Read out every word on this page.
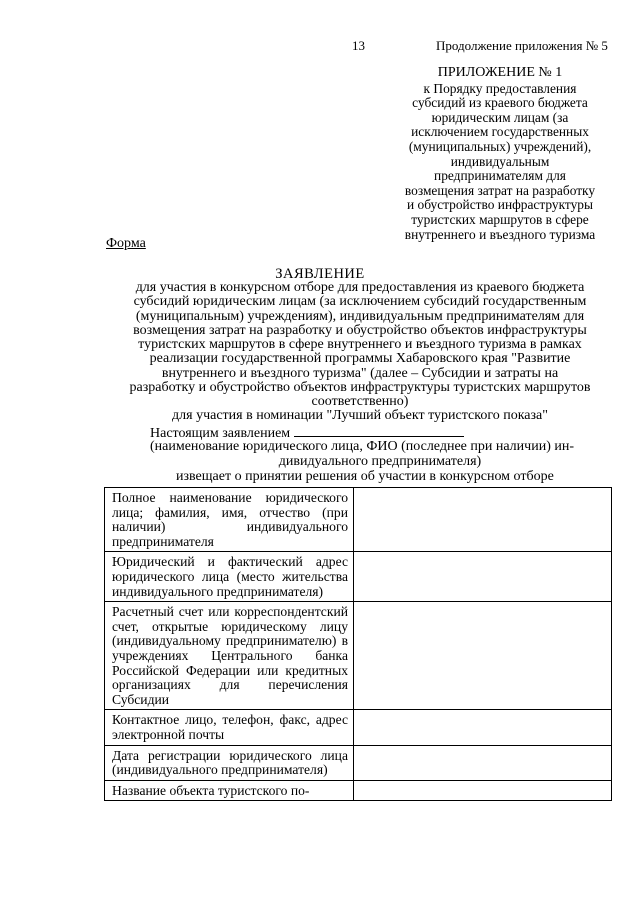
13	Продолжение приложения № 5
ПРИЛОЖЕНИЕ № 1
к Порядку предоставления
субсидий из краевого бюджета
юридическим лицам (за
исключением государственных
(муниципальных) учреждений),
индивидуальным
предпринимателям для
возмещения затрат на разработку
и обустройство инфраструктуры
туристских маршрутов в сфере
внутреннего и въездного туризма
Форма
ЗАЯВЛЕНИЕ
для участия в конкурсном отборе для предоставления из краевого бюджета
субсидий юридическим лицам (за исключением субсидий государственным
(муниципальным) учреждениям), индивидуальным предпринимателям для
возмещения затрат на разработку и обустройство объектов инфраструктуры
туристских маршрутов в сфере внутреннего и въездного туризма в рамках
реализации государственной программы Хабаровского края "Развитие
внутреннего и въездного туризма" (далее – Субсидии и затраты на
разработку и обустройство объектов инфраструктуры туристских маршрутов
соответственно)
для участия в номинации "Лучший объект туристского показа"
Настоящим заявлением
(наименование юридического лица, ФИО (последнее при наличии) ин-
дивидуального предпринимателя)
извещает о принятии решения об участии в конкурсном отборе
Полное наименование юридического лица; фамилия, имя, отчество (при наличии) индивидуального предпринимателя	

Юридический и фактический адрес юридического лица (место жительства индивидуального предпринимателя)	

Расчетный счет или корреспондентский счет, открытые юридическому лицу (индивидуальному предпринимателю) в учреждениях Центрального банка Российской Федерации или кредитных организациях для перечисления Субсидии	

Контактное лицо, телефон, факс, адрес электронной почты	

Дата регистрации юридического лица (индивидуального предпринимателя)	

Название объекта туристского по-	
